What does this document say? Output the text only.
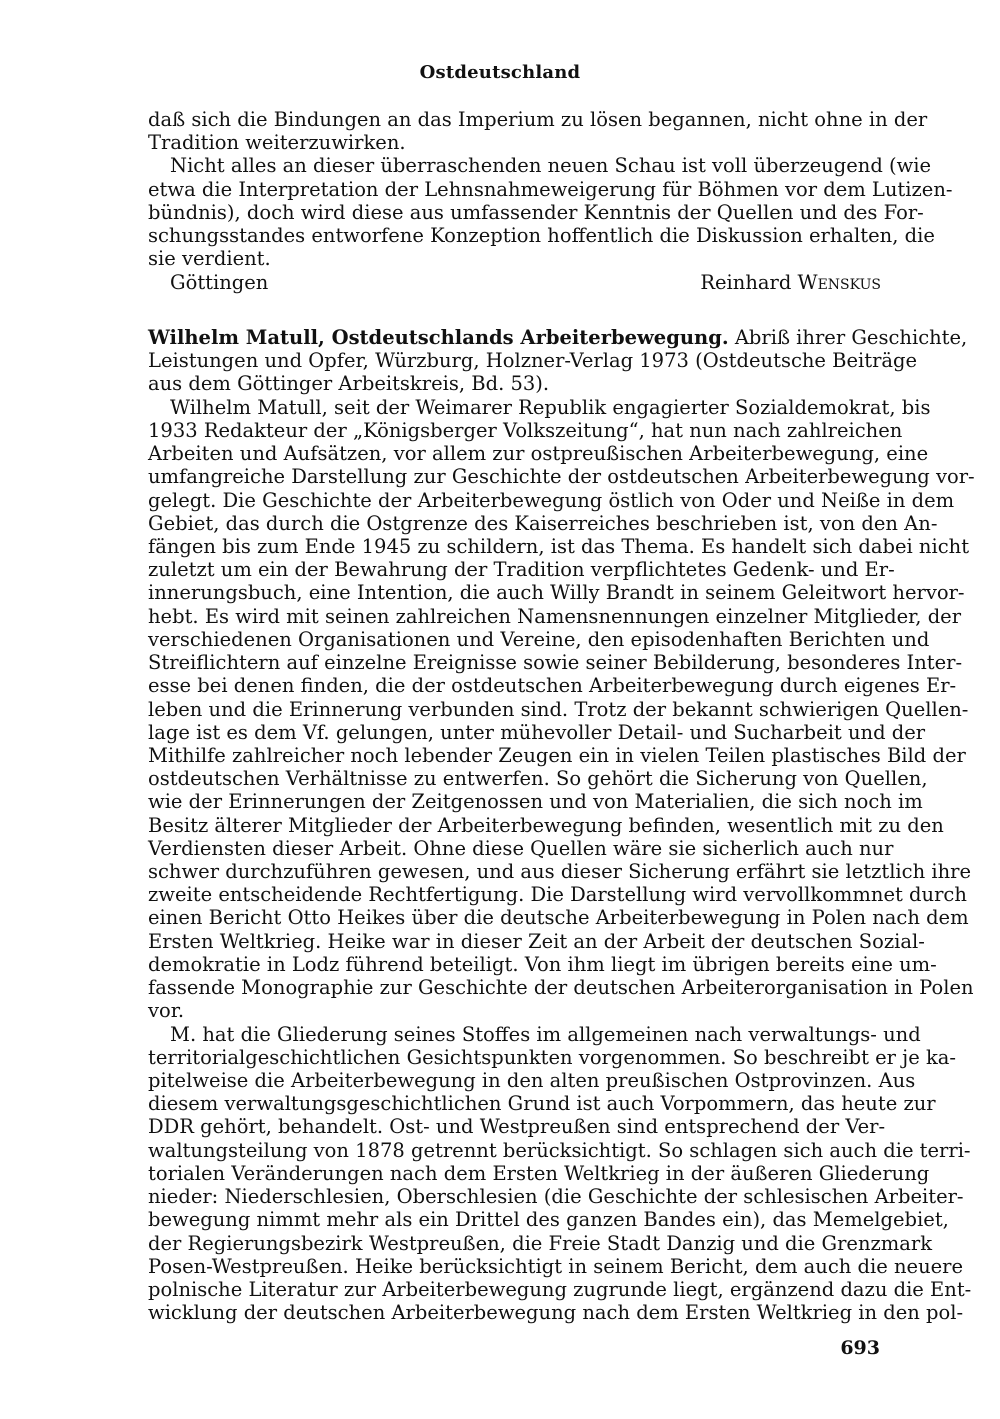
Ostdeutschland
daß sich die Bindungen an das Imperium zu lösen begannen, nicht ohne in der
Tradition weiterzuwirken.
Nicht alles an dieser überraschenden neuen Schau ist voll überzeugend (wie
etwa die Interpretation der Lehnsnahmeweigerung für Böhmen vor dem Lutizen-
bündnis), doch wird diese aus umfassender Kenntnis der Quellen und des For-
schungsstandes entworfene Konzeption hoffentlich die Diskussion erhalten, die
sie verdient.
Göttingen	Reinhard Wenskus
Wilhelm Matull, Ostdeutschlands Arbeiterbewegung. Abriß ihrer Geschichte,
Leistungen und Opfer, Würzburg, Holzner-Verlag 1973 (Ostdeutsche Beiträge
aus dem Göttinger Arbeitskreis, Bd. 53).
Wilhelm Matull, seit der Weimarer Republik engagierter Sozialdemokrat, bis
1933 Redakteur der „Königsberger Volkszeitung“, hat nun nach zahlreichen
Arbeiten und Aufsätzen, vor allem zur ostpreußischen Arbeiterbewegung, eine
umfangreiche Darstellung zur Geschichte der ostdeutschen Arbeiterbewegung vor-
gelegt. Die Geschichte der Arbeiterbewegung östlich von Oder und Neiße in dem
Gebiet, das durch die Ostgrenze des Kaiserreiches beschrieben ist, von den An-
fängen bis zum Ende 1945 zu schildern, ist das Thema. Es handelt sich dabei nicht
zuletzt um ein der Bewahrung der Tradition verpflichtetes Gedenk- und Er-
innerungsbuch, eine Intention, die auch Willy Brandt in seinem Geleitwort hervor-
hebt. Es wird mit seinen zahlreichen Namensnennungen einzelner Mitglieder, der
verschiedenen Organisationen und Vereine, den episodenhaften Berichten und
Streiflichtern auf einzelne Ereignisse sowie seiner Bebilderung, besonderes Inter-
esse bei denen finden, die der ostdeutschen Arbeiterbewegung durch eigenes Er-
leben und die Erinnerung verbunden sind. Trotz der bekannt schwierigen Quellen-
lage ist es dem Vf. gelungen, unter mühevoller Detail- und Sucharbeit und der
Mithilfe zahlreicher noch lebender Zeugen ein in vielen Teilen plastisches Bild der
ostdeutschen Verhältnisse zu entwerfen. So gehört die Sicherung von Quellen,
wie der Erinnerungen der Zeitgenossen und von Materialien, die sich noch im
Besitz älterer Mitglieder der Arbeiterbewegung befinden, wesentlich mit zu den
Verdiensten dieser Arbeit. Ohne diese Quellen wäre sie sicherlich auch nur
schwer durchzuführen gewesen, und aus dieser Sicherung erfährt sie letztlich ihre
zweite entscheidende Rechtfertigung. Die Darstellung wird vervollkommnet durch
einen Bericht Otto Heikes über die deutsche Arbeiterbewegung in Polen nach dem
Ersten Weltkrieg. Heike war in dieser Zeit an der Arbeit der deutschen Sozial-
demokratie in Lodz führend beteiligt. Von ihm liegt im übrigen bereits eine um-
fassende Monographie zur Geschichte der deutschen Arbeiterorganisation in Polen
vor.
M. hat die Gliederung seines Stoffes im allgemeinen nach verwaltungs- und
territorialgeschichtlichen Gesichtspunkten vorgenommen. So beschreibt er je ka-
pitelweise die Arbeiterbewegung in den alten preußischen Ostprovinzen. Aus
diesem verwaltungsgeschichtlichen Grund ist auch Vorpommern, das heute zur
DDR gehört, behandelt. Ost- und Westpreußen sind entsprechend der Ver-
waltungsteilung von 1878 getrennt berücksichtigt. So schlagen sich auch die terri-
torialen Veränderungen nach dem Ersten Weltkrieg in der äußeren Gliederung
nieder: Niederschlesien, Oberschlesien (die Geschichte der schlesischen Arbeiter-
bewegung nimmt mehr als ein Drittel des ganzen Bandes ein), das Memelgebiet,
der Regierungsbezirk Westpreußen, die Freie Stadt Danzig und die Grenzmark
Posen-Westpreußen. Heike berücksichtigt in seinem Bericht, dem auch die neuere
polnische Literatur zur Arbeiterbewegung zugrunde liegt, ergänzend dazu die Ent-
wicklung der deutschen Arbeiterbewegung nach dem Ersten Weltkrieg in den pol-
693
